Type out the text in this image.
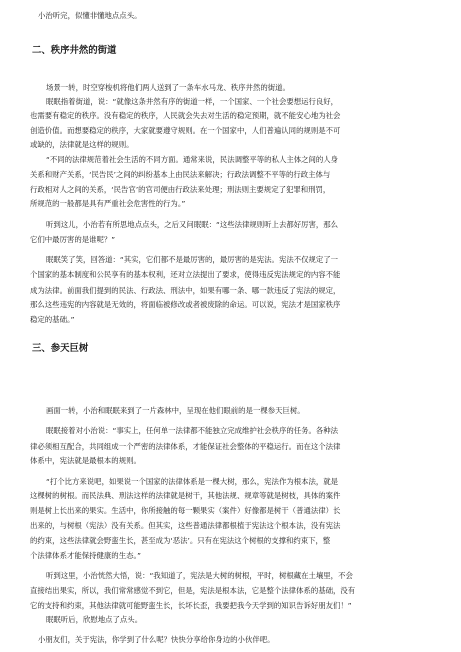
小治听完，似懂非懂地点点头。
场景一转，时空穿梭机将他们两人送到了一条车水马龙、秩序井然的街道。
眠眠指着街道，说：“就像这条井然有序的街道一样，一个国家、一个社会要想运行良好，
也需要有稳定的秩序。没有稳定的秩序，人民就会失去对生活的稳定预期，就不能安心地为社会
创造价值。而想要稳定的秩序，大家就要遵守规则。在一个国家中，人们普遍认同的规则是不可
或缺的，法律就是这样的规则。
“不同的法律规范着社会生活的不同方面。通常来说，民法调整平等的私人主体之间的人身
关系和财产关系，‘民告民’之间的纠纷基本上由民法来解决；行政法调整不平等的行政主体与
行政相对人之间的关系，‘民告官’的官司便由行政法来处理；刑法则主要规定了犯罪和刑罚，
所规范的一般都是具有严重社会危害性的行为。”
听到这儿，小治若有所思地点点头，之后又问眠眠：“这些法律规则听上去都好厉害，那么
它们中最厉害的是谁呢？”
眠眠笑了笑，回答道：“其实，它们都不是最厉害的，最厉害的是宪法。宪法不仅规定了一
个国家的基本制度和公民享有的基本权利，还对立法提出了要求，使得违反宪法规定的内容不能
成为法律。前面我们提到的民法、行政法、刑法中，如果有哪一条、哪一款违反了宪法的规定，
那么这些违宪的内容就是无效的，将面临被修改或者被废除的命运。可以说，宪法才是国家秩序
稳定的基础。”
画面一转，小治和眠眠来到了一片森林中，呈现在他们眼前的是一棵参天巨树。
眠眠接着对小治说：“事实上，任何单一法律都不能独立完成维护社会秩序的任务。各种法
律必须相互配合，共同组成一个严密的法律体系，才能保证社会整体的平稳运行。而在这个法律
体系中，宪法就是最根本的规则。
“打个比方来说吧，如果说一个国家的法律体系是一棵大树，那么，宪法作为根本法，就是
这棵树的树根。而民法典、刑法这样的法律就是树干，其他法规、规章等就是树枝，具体的案件
则是树上长出来的果实。生活中，你所接触的每一颗果实（案件）好像都是树干（普通法律）长
出来的，与树根（宪法）没有关系。但其实，这些普通法律都根植于宪法这个根本法，没有宪法
的约束，这些法律就会野蛮生长，甚至成为‘恶法’。只有在宪法这个树根的支撑和约束下，整
个法律体系才能保持健康的生态。”
听到这里，小治恍然大悟，说：“我知道了，宪法是大树的树根，平时，树根藏在土壤里，不会
直接结出果实，所以，我们常常感觉不到它，但是，宪法是根本法，它是整个法律体系的基础，没有
它的支持和约束，其他法律就可能野蛮生长，长坏长歪，我要把我今天学到的知识告诉好朋友们！”
眠眠听后，欣慰地点了点头。
小朋友们，关于宪法，你学到了什么呢？快快分享给你身边的小伙伴吧。
二、秩序井然的街道
三、参天巨树
